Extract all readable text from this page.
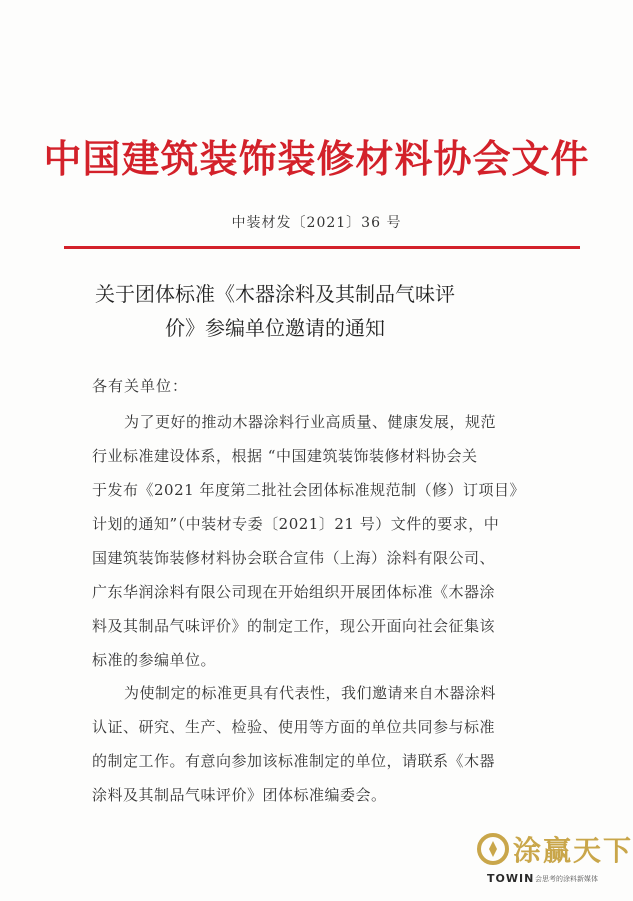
中国建筑装饰装修材料协会文件
中装材发〔2021〕36 号
关于团体标准《木器涂料及其制品气味评
价》参编单位邀请的通知
各有关单位：
为了更好的推动木器涂料行业高质量、健康发展，规范
行业标准建设体系，根据 “中国建筑装饰装修材料协会关
于发布《2021 年度第二批社会团体标准规范制（修）订项目》
计划的通知”（中装材专委〔2021〕21 号）文件的要求，中
国建筑装饰装修材料协会联合宣伟（上海）涂料有限公司、
广东华润涂料有限公司现在开始组织开展团体标准《木器涂
料及其制品气味评价》的制定工作，现公开面向社会征集该
标准的参编单位。
为使制定的标准更具有代表性，我们邀请来自木器涂料
认证、研究、生产、检验、使用等方面的单位共同参与标准
的制定工作。有意向参加该标准制定的单位，请联系《木器
涂料及其制品气味评价》团体标准编委会。
涂赢天下
TOWIN 会思考的涂料新媒体
